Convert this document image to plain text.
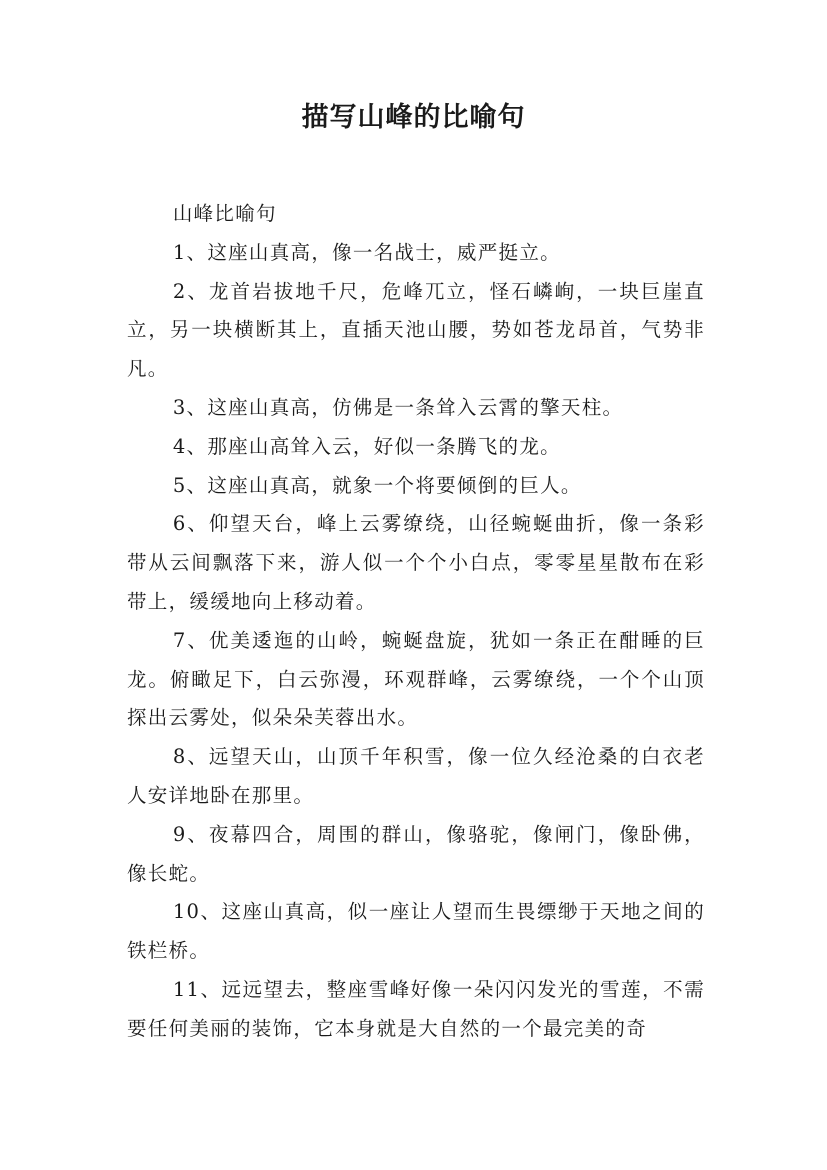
描写山峰的比喻句

山峰比喻句

1、这座山真高，像一名战士，威严挺立。

2、龙首岩拔地千尺，危峰兀立，怪石嶙峋，一块巨崖直立，另一块横断其上，直插天池山腰，势如苍龙昂首，气势非凡。

3、这座山真高，仿佛是一条耸入云霄的擎天柱。

4、那座山高耸入云，好似一条腾飞的龙。

5、这座山真高，就象一个将要倾倒的巨人。

6、仰望天台，峰上云雾缭绕，山径蜿蜒曲折，像一条彩带从云间飘落下来，游人似一个个小白点，零零星星散布在彩带上，缓缓地向上移动着。

7、优美逶迤的山岭，蜿蜒盘旋，犹如一条正在酣睡的巨龙。俯瞰足下，白云弥漫，环观群峰，云雾缭绕，一个个山顶探出云雾处，似朵朵芙蓉出水。

8、远望天山，山顶千年积雪，像一位久经沧桑的白衣老人安详地卧在那里。

9、夜幕四合，周围的群山，像骆驼，像闸门，像卧佛，像长蛇。

10、这座山真高，似一座让人望而生畏缥缈于天地之间的铁栏桥。

11、远远望去，整座雪峰好像一朵闪闪发光的雪莲，不需要任何美丽的装饰，它本身就是大自然的一个最完美的奇
